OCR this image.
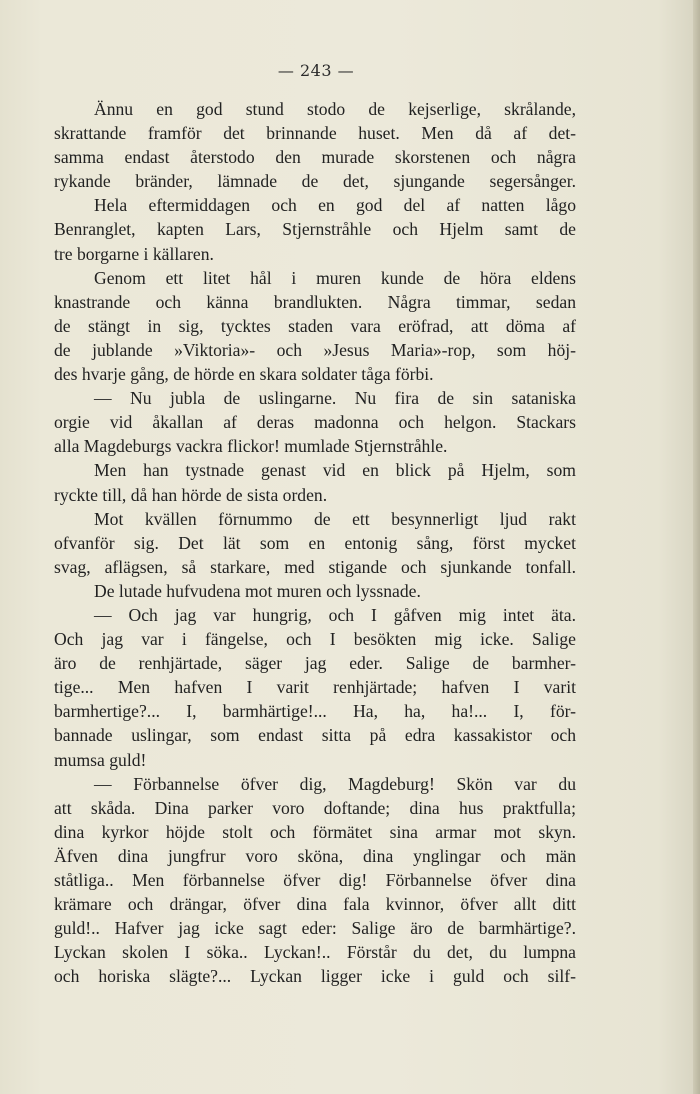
— 243 —
Ännu en god stund stodo de kejserlige, skrålande,
skrattande framför det brinnande huset. Men då af det-
samma endast återstodo den murade skorstenen och några
rykande bränder, lämnade de det, sjungande segersånger.
Hela eftermiddagen och en god del af natten lågo
Benranglet, kapten Lars, Stjernstråhle och Hjelm samt de
tre borgarne i källaren.
Genom ett litet hål i muren kunde de höra eldens
knastrande och känna brandlukten. Några timmar, sedan
de stängt in sig, tycktes staden vara eröfrad, att döma af
de jublande »Viktoria»- och »Jesus Maria»-rop, som höj-
des hvarje gång, de hörde en skara soldater tåga förbi.
— Nu jubla de uslingarne. Nu fira de sin sataniska
orgie vid åkallan af deras madonna och helgon. Stackars
alla Magdeburgs vackra flickor! mumlade Stjernstråhle.
Men han tystnade genast vid en blick på Hjelm, som
ryckte till, då han hörde de sista orden.
Mot kvällen förnummo de ett besynnerligt ljud rakt
ofvanför sig. Det lät som en entonig sång, först mycket
svag, aflägsen, så starkare, med stigande och sjunkande tonfall.
De lutade hufvudena mot muren och lyssnade.
— Och jag var hungrig, och I gåfven mig intet äta.
Och jag var i fängelse, och I besökten mig icke. Salige
äro de renhjärtade, säger jag eder. Salige de barmher-
tige... Men hafven I varit renhjärtade; hafven I varit
barmhertige?... I, barmhärtige!... Ha, ha, ha!... I, för-
bannade uslingar, som endast sitta på edra kassakistor och
mumsa guld!
— Förbannelse öfver dig, Magdeburg! Skön var du
att skåda. Dina parker voro doftande; dina hus praktfulla;
dina kyrkor höjde stolt och förmätet sina armar mot skyn.
Äfven dina jungfrur voro sköna, dina ynglingar och män
ståtliga.. Men förbannelse öfver dig! Förbannelse öfver dina
krämare och drängar, öfver dina fala kvinnor, öfver allt ditt
guld!.. Hafver jag icke sagt eder: Salige äro de barmhärtige?.
Lyckan skolen I söka.. Lyckan!.. Förstår du det, du lumpna
och horiska slägte?... Lyckan ligger icke i guld och silf-
